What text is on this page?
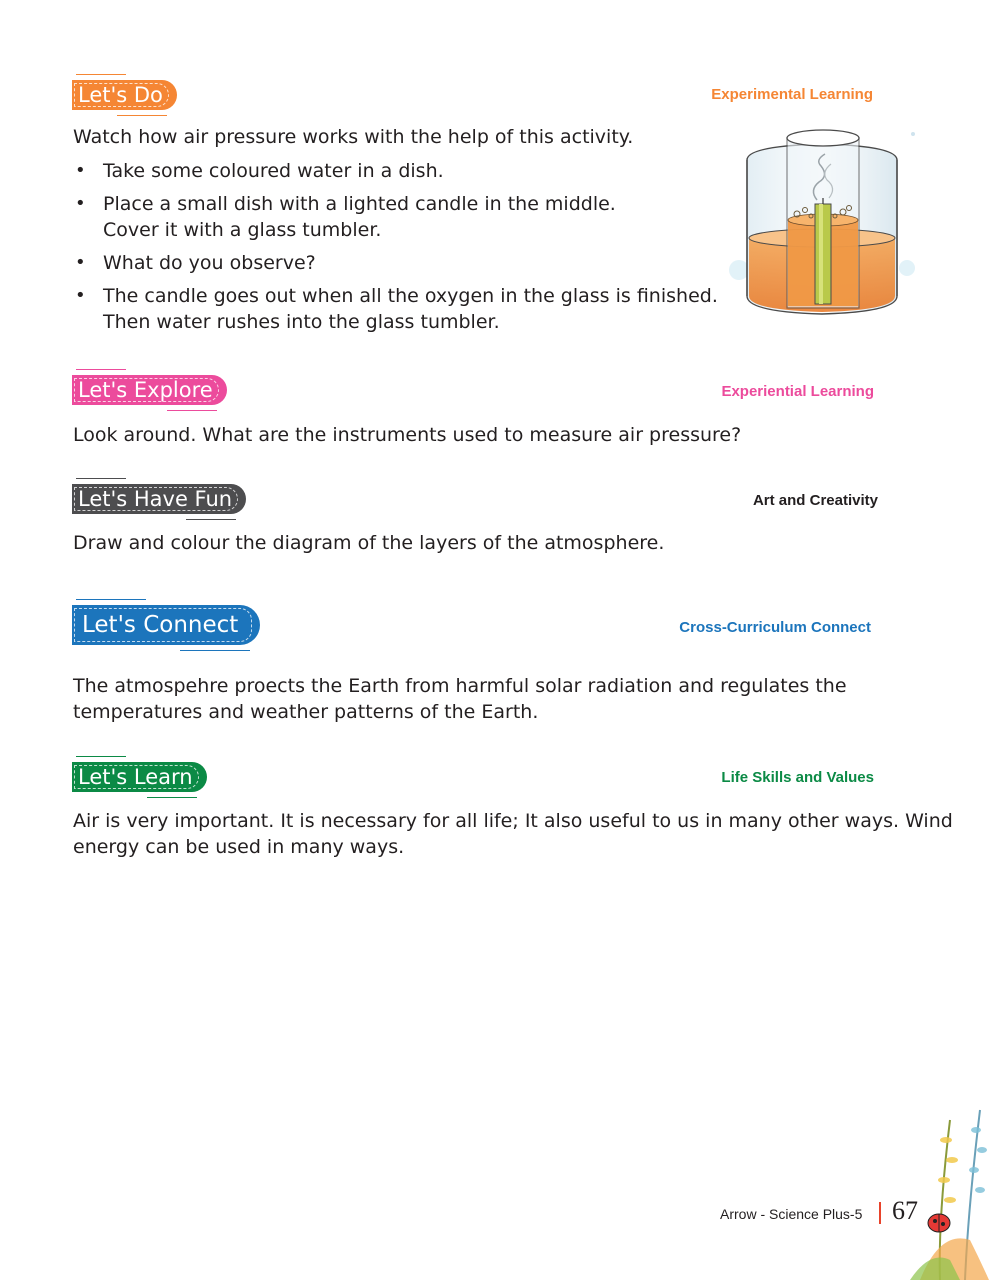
Let's Do	Experimental Learning
Watch how air pressure works with the help of this activity.
• Take some coloured water in a dish.
• Place a small dish with a lighted candle in the middle.
Cover it with a glass tumbler.
• What do you observe?
• The candle goes out when all the oxygen in the glass is finished.
Then water rushes into the glass tumbler.
Let's Explore	Experiential Learning
Look around. What are the instruments used to measure air pressure?
Let's Have Fun	Art and Creativity
Draw and colour the diagram of the layers of the atmosphere.
Let's Connect	Cross-Curriculum Connect
The atmospehre proects the Earth from harmful solar radiation and regulates the
temperatures and weather patterns of the Earth.
Let's Learn	Life Skills and Values
Air is very important. It is necessary for all life; It also useful to us in many other ways. Wind
energy can be used in many ways.
Arrow - Science Plus-5 67
